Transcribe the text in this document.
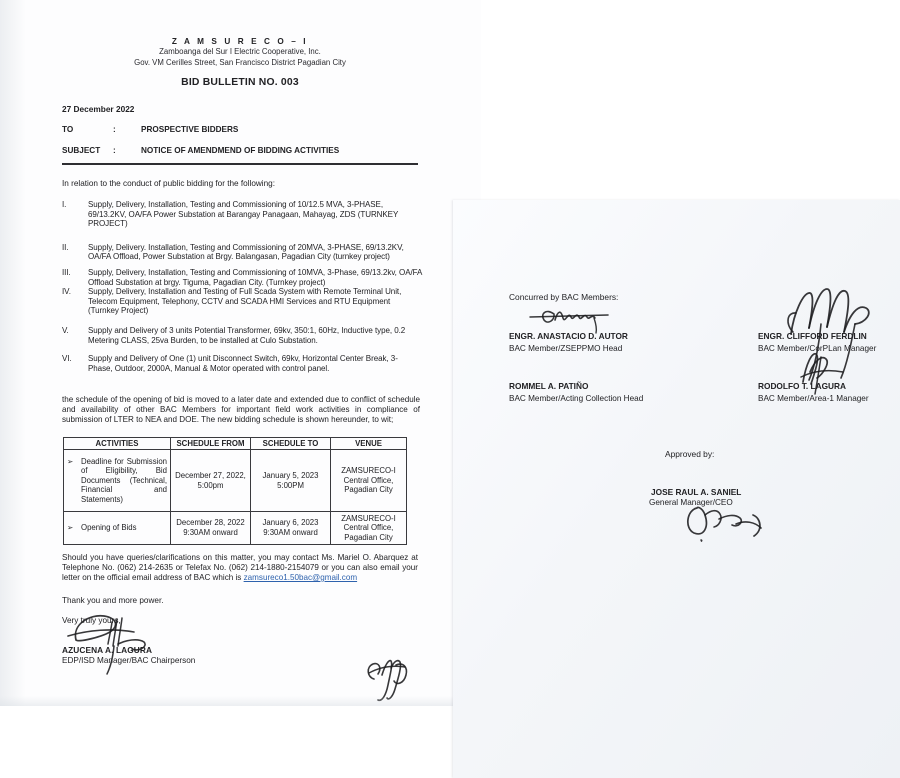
Z A M S U R E C O – I
Zamboanga del Sur I Electric Cooperative, Inc.
Gov. VM Cerilles Street, San Francisco District Pagadian City
BID BULLETIN NO. 003
27 December 2022
TO	:	PROSPECTIVE BIDDERS
SUBJECT	:	NOTICE OF AMENDMEND OF BIDDING ACTIVITIES
In relation to the conduct of public bidding for the following:
I.	Supply, Delivery, Installation, Testing and Commissioning of 10/12.5 MVA, 3-PHASE, 69/13.2KV, OA/FA Power Substation at Barangay Panagaan, Mahayag, ZDS (TURNKEY PROJECT)
II.	Supply, Delivery. Installation, Testing and Commissioning of 20MVA, 3-PHASE, 69/13.2KV, OA/FA Offload, Power Substation at Brgy. Balangasan, Pagadian City (turnkey project)
III.	Supply, Delivery, Installation, Testing and Commissioning of 10MVA, 3-Phase, 69/13.2kv, OA/FA Offload Substation at brgy. Tiguma, Pagadian City. (Turnkey project)
IV.	Supply, Delivery, Installation and Testing of Full Scada System with Remote Terminal Unit, Telecom Equipment, Telephony, CCTV and SCADA HMI Services and RTU Equipment (Turnkey Project)
V.	Supply and Delivery of 3 units Potential Transformer, 69kv, 350:1, 60Hz, Inductive type, 0.2 Metering CLASS, 25va Burden, to be installed at Culo Substation.
VI.	Supply and Delivery of One (1) unit Disconnect Switch, 69kv, Horizontal Center Break, 3-Phase, Outdoor, 2000A, Manual & Motor operated with control panel.
the schedule of the opening of bid is moved to a later date and extended due to conflict of schedule and availability of other BAC Members for important field work activities in compliance of submission of LTER to NEA and DOE. The new bidding schedule is shown hereunder, to wit;
ACTIVITIES	SCHEDULE FROM	SCHEDULE TO	VENUE

➢ Deadline for Submission of Eligibility, Bid Documents (Technical, Financial and Statements)	December 27, 2022, 5:00pm	January 5, 2023 5:00PM	ZAMSURECO-I Central Office, Pagadian City

➢ Opening of Bids	December 28, 2022 9:30AM onward	January 6, 2023 9:30AM onward	ZAMSURECO-I Central Office, Pagadian City
Should you have queries/clarifications on this matter, you may contact Ms. Mariel O. Abarquez at Telephone No. (062) 214-2635 or Telefax No. (062) 214-1880-2154079 or you can also email your letter on the official email address of BAC which is zamsureco1.50bac@gmail.com
Thank you and more power.
Very truly yours,
AZUCENA A. LAGURA
EDP/ISD Manager/BAC Chairperson
Concurred by BAC Members:
ENGR. ANASTACIO D. AUTOR
BAC Member/ZSEPPMO Head
ENGR. CLIFFORD FERDLIN
BAC Member/CorPLan Manager
ROMMEL A. PATIÑO
BAC Member/Acting Collection Head
RODOLFO T. LAGURA
BAC Member/Area-1 Manager
Approved by:
JOSE RAUL A. SANIEL
General Manager/CEO
